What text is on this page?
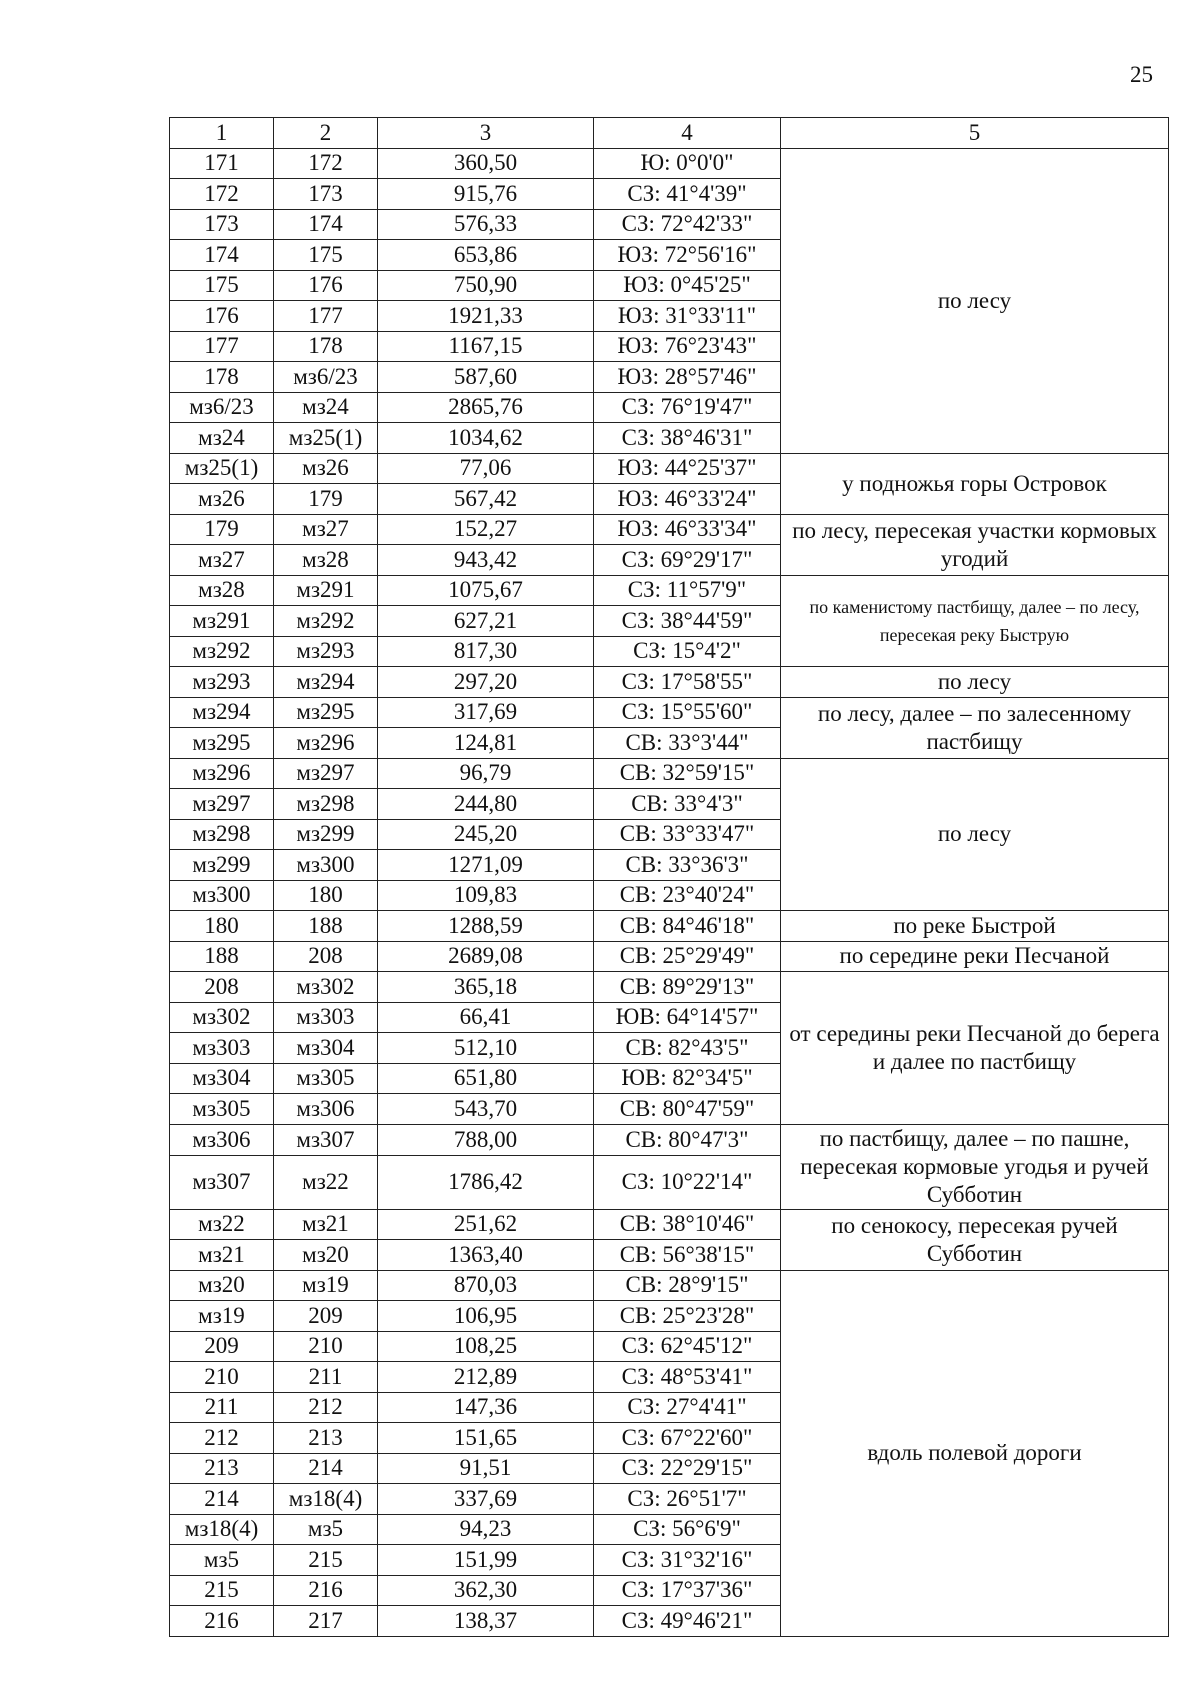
25
1	2	3	4	5
171	172	360,50	Ю: 0°0'0"	по лесу
172	173	915,76	СЗ: 41°4'39"	
173	174	576,33	СЗ: 72°42'33"	
174	175	653,86	ЮЗ: 72°56'16"	
175	176	750,90	ЮЗ: 0°45'25"	
176	177	1921,33	ЮЗ: 31°33'11"	
177	178	1167,15	ЮЗ: 76°23'43"	
178	мз6/23	587,60	ЮЗ: 28°57'46"	
мз6/23	мз24	2865,76	СЗ: 76°19'47"	
мз24	мз25(1)	1034,62	СЗ: 38°46'31"	
мз25(1)	мз26	77,06	ЮЗ: 44°25'37"	у подножья горы Островок
мз26	179	567,42	ЮЗ: 46°33'24"	
179	мз27	152,27	ЮЗ: 46°33'34"	по лесу, пересекая участки кормовых угодий
мз27	мз28	943,42	СЗ: 69°29'17"	
мз28	мз291	1075,67	СЗ: 11°57'9"	по каменистому пастбищу, далее – по лесу, пересекая реку Быструю
мз291	мз292	627,21	СЗ: 38°44'59"	
мз292	мз293	817,30	СЗ: 15°4'2"	
мз293	мз294	297,20	СЗ: 17°58'55"	по лесу
мз294	мз295	317,69	СЗ: 15°55'60"	по лесу, далее – по залесенному пастбищу
мз295	мз296	124,81	СВ: 33°3'44"	
мз296	мз297	96,79	СВ: 32°59'15"	по лесу
мз297	мз298	244,80	СВ: 33°4'3"	
мз298	мз299	245,20	СВ: 33°33'47"	
мз299	мз300	1271,09	СВ: 33°36'3"	
мз300	180	109,83	СВ: 23°40'24"	
180	188	1288,59	СВ: 84°46'18"	по реке Быстрой
188	208	2689,08	СВ: 25°29'49"	по середине реки Песчаной
208	мз302	365,18	СВ: 89°29'13"	от середины реки Песчаной до берега и далее по пастбищу
мз302	мз303	66,41	ЮВ: 64°14'57"	
мз303	мз304	512,10	СВ: 82°43'5"	
мз304	мз305	651,80	ЮВ: 82°34'5"	
мз305	мз306	543,70	СВ: 80°47'59"	
мз306	мз307	788,00	СВ: 80°47'3"	по пастбищу, далее – по пашне, пересекая кормовые угодья и ручей Субботин
мз307	мз22	1786,42	СЗ: 10°22'14"	
мз22	мз21	251,62	СВ: 38°10'46"	по сенокосу, пересекая ручей Субботин
мз21	мз20	1363,40	СВ: 56°38'15"	
мз20	мз19	870,03	СВ: 28°9'15"	вдоль полевой дороги
мз19	209	106,95	СВ: 25°23'28"	
209	210	108,25	СЗ: 62°45'12"	
210	211	212,89	СЗ: 48°53'41"	
211	212	147,36	СЗ: 27°4'41"	
212	213	151,65	СЗ: 67°22'60"	
213	214	91,51	СЗ: 22°29'15"	
214	мз18(4)	337,69	СЗ: 26°51'7"	
мз18(4)	мз5	94,23	СЗ: 56°6'9"	
мз5	215	151,99	СЗ: 31°32'16"	
215	216	362,30	СЗ: 17°37'36"	
216	217	138,37	СЗ: 49°46'21"	
